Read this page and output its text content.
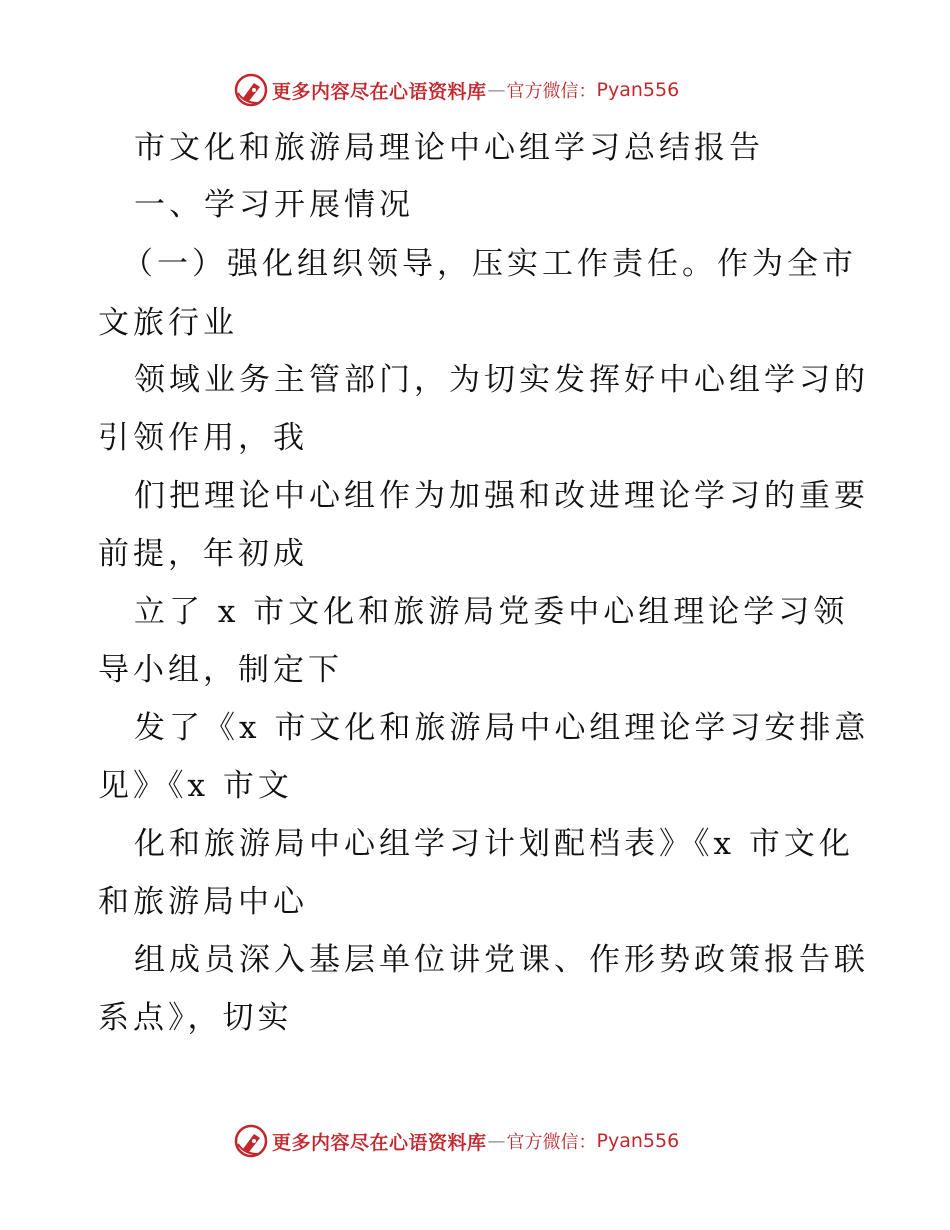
更多内容尽在心语资料库 — 官方微信： Pyan556
市文化和旅游局理论中心组学习总结报告
一、学习开展情况
（一）强化组织领导，压实工作责任。作为全市
文旅行业
领域业务主管部门，为切实发挥好中心组学习的
引领作用，我
们把理论中心组作为加强和改进理论学习的重要
前提，年初成
立了 x 市文化和旅游局党委中心组理论学习领
导小组，制定下
发了《x 市文化和旅游局中心组理论学习安排意
见》《x 市文
化和旅游局中心组学习计划配档表》《x 市文化
和旅游局中心
组成员深入基层单位讲党课、作形势政策报告联
系点》，切实
更多内容尽在心语资料库 — 官方微信： Pyan556
